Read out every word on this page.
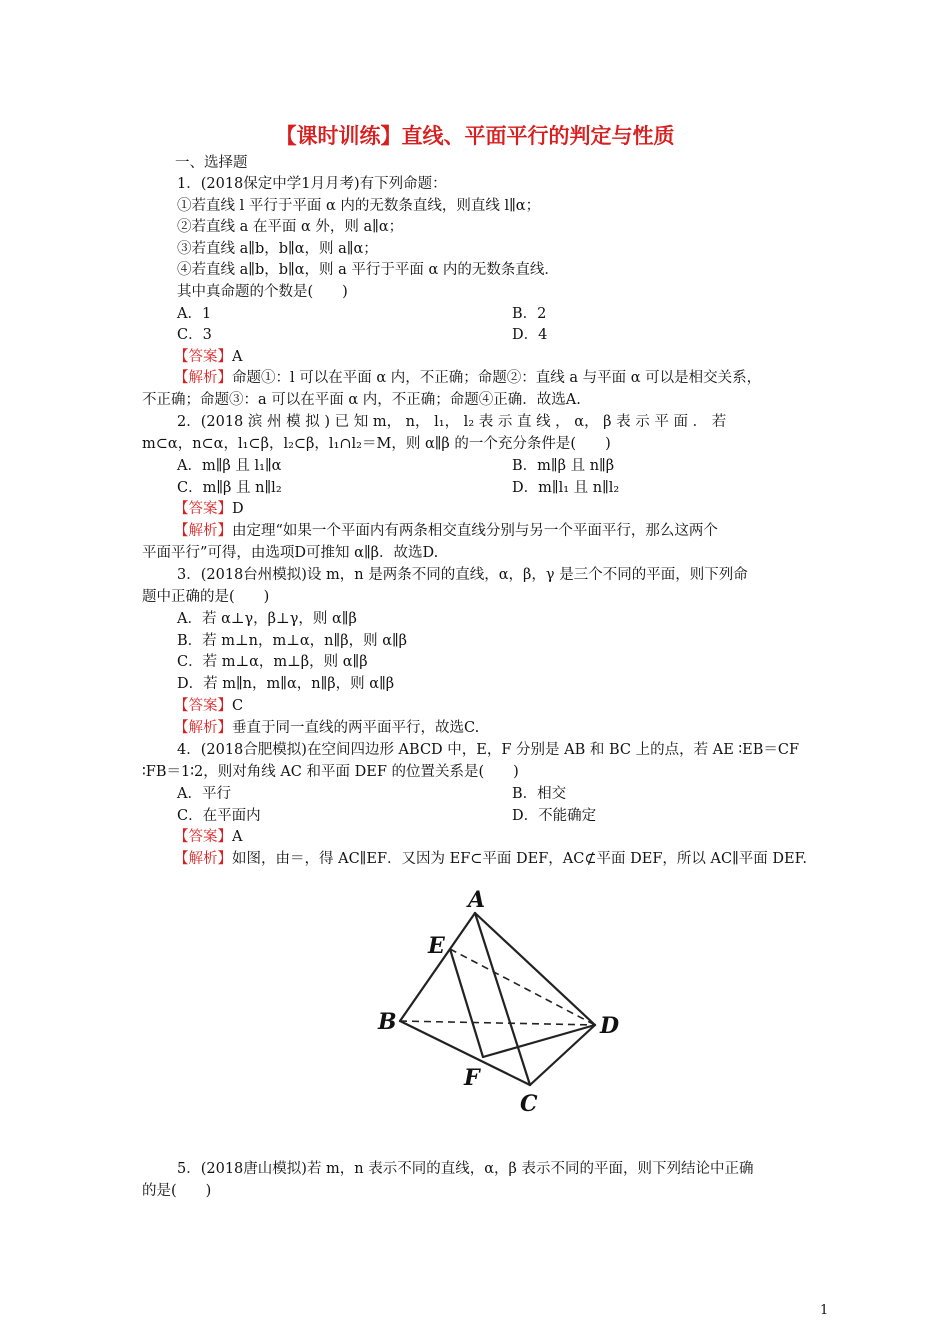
【课时训练】直线、平面平行的判定与性质
一、选择题
1．(2018保定中学1月月考)有下列命题：
①若直线 l 平行于平面 α 内的无数条直线，则直线 l∥α；
②若直线 a 在平面 α 外，则 a∥α；
③若直线 a∥b，b∥α，则 a∥α；
④若直线 a∥b，b∥α，则 a 平行于平面 α 内的无数条直线．
其中真命题的个数是(　　)
A．1	B．2
C．3	D．4
【答案】A
【解析】命题①：l 可以在平面 α 内，不正确；命题②：直线 a 与平面 α 可以是相交关系，
不正确；命题③：a 可以在平面 α 内，不正确；命题④正确．故选A.
2．(2018 滨 州 模 拟 ) 已 知 m， n， l₁， l₂ 表 示 直 线 ， α， β 表 示 平 面 ． 若
m⊂α，n⊂α，l₁⊂β，l₂⊂β，l₁∩l₂＝M，则 α∥β 的一个充分条件是(　　)
A．m∥β 且 l₁∥α	B．m∥β 且 n∥β
C．m∥β 且 n∥l₂	D．m∥l₁ 且 n∥l₂
【答案】D
【解析】由定理“如果一个平面内有两条相交直线分别与另一个平面平行，那么这两个
平面平行”可得，由选项D可推知 α∥β．故选D.
3．(2018台州模拟)设 m，n 是两条不同的直线，α，β，γ 是三个不同的平面，则下列命
题中正确的是(　　)
A．若 α⊥γ，β⊥γ，则 α∥β
B．若 m⊥n，m⊥α，n∥β，则 α∥β
C．若 m⊥α，m⊥β，则 α∥β
D．若 m∥n，m∥α，n∥β，则 α∥β
【答案】C
【解析】垂直于同一直线的两平面平行，故选C.
4．(2018合肥模拟)在空间四边形 ABCD 中，E，F 分别是 AB 和 BC 上的点，若 AE ∶EB＝CF
∶FB＝1∶2，则对角线 AC 和平面 DEF 的位置关系是(　　)
A．平行	B．相交
C．在平面内	D．不能确定
【答案】A
【解析】如图，由＝，得 AC∥EF．又因为 EF⊂平面 DEF，AC⊄平面 DEF，所以 AC∥平面 DEF.
A
B
C
D
E
F
5．(2018唐山模拟)若 m，n 表示不同的直线，α，β 表示不同的平面，则下列结论中正确
的是(　　)
1
